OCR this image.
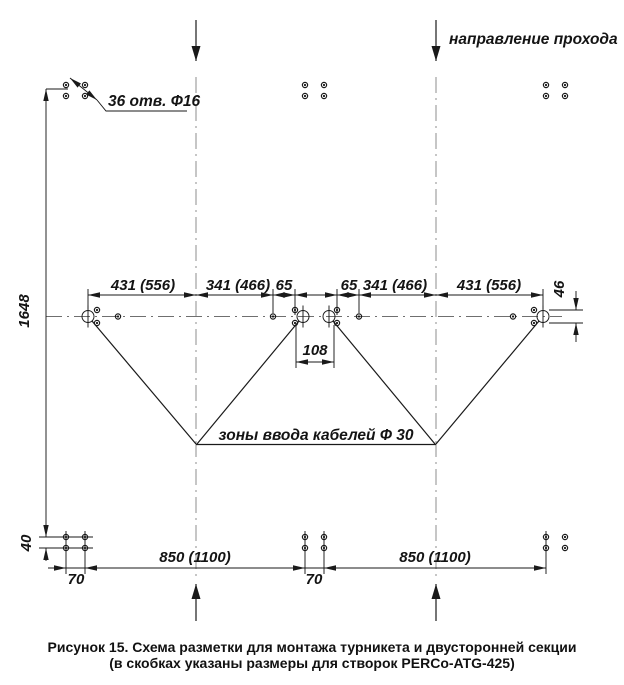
направление прохода
зоны ввода кабелей Ф 30
431 (556) 341 (466) 65	65 341 (466) 431 (556)
108
46
1648
40
70	70
850 (1100)	850 (1100)
36 отв. Ф16
Рисунок 15. Схема разметки для монтажа турникета и двусторонней секции
(в скобках указаны размеры для створок PERCo-ATG-425)
